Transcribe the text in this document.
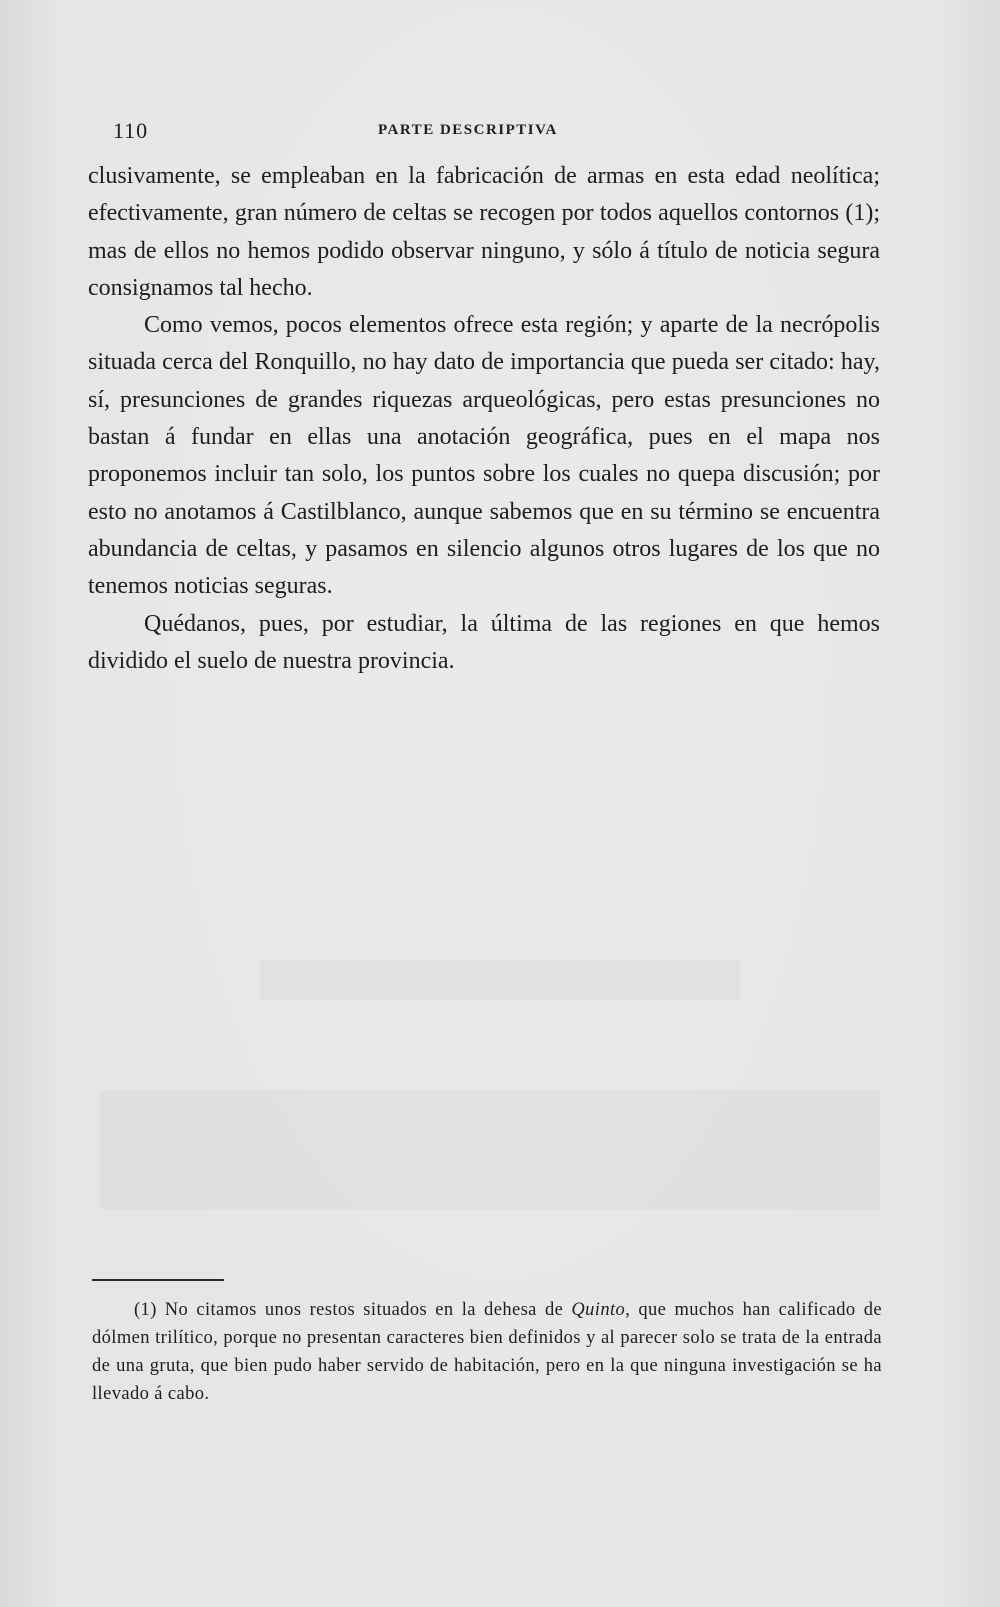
110	PARTE DESCRIPTIVA

clusivamente, se empleaban en la fabricación de armas en esta edad neolítica; efectivamente, gran número de celtas se recogen por todos aquellos contornos (1); mas de ellos no hemos podido observar ninguno, y sólo á título de noticia segura consignamos tal hecho.

Como vemos, pocos elementos ofrece esta región; y aparte de la necrópolis situada cerca del Ronquillo, no hay dato de importancia que pueda ser citado: hay, sí, presunciones de grandes riquezas arqueológicas, pero estas presunciones no bastan á fundar en ellas una anotación geográfica, pues en el mapa nos proponemos incluir tan solo, los puntos sobre los cuales no quepa discusión; por esto no anotamos á Castilblanco, aunque sabemos que en su término se encuentra abundancia de celtas, y pasamos en silencio algunos otros lugares de los que no tenemos noticias seguras.

Quédanos, pues, por estudiar, la última de las regiones en que hemos dividido el suelo de nuestra provincia.

(1) No citamos unos restos situados en la dehesa de Quinto, que muchos han calificado de dólmen trilítico, porque no presentan caracteres bien definidos y al parecer solo se trata de la entrada de una gruta, que bien pudo haber servido de habitación, pero en la que ninguna investigación se ha llevado á cabo.
